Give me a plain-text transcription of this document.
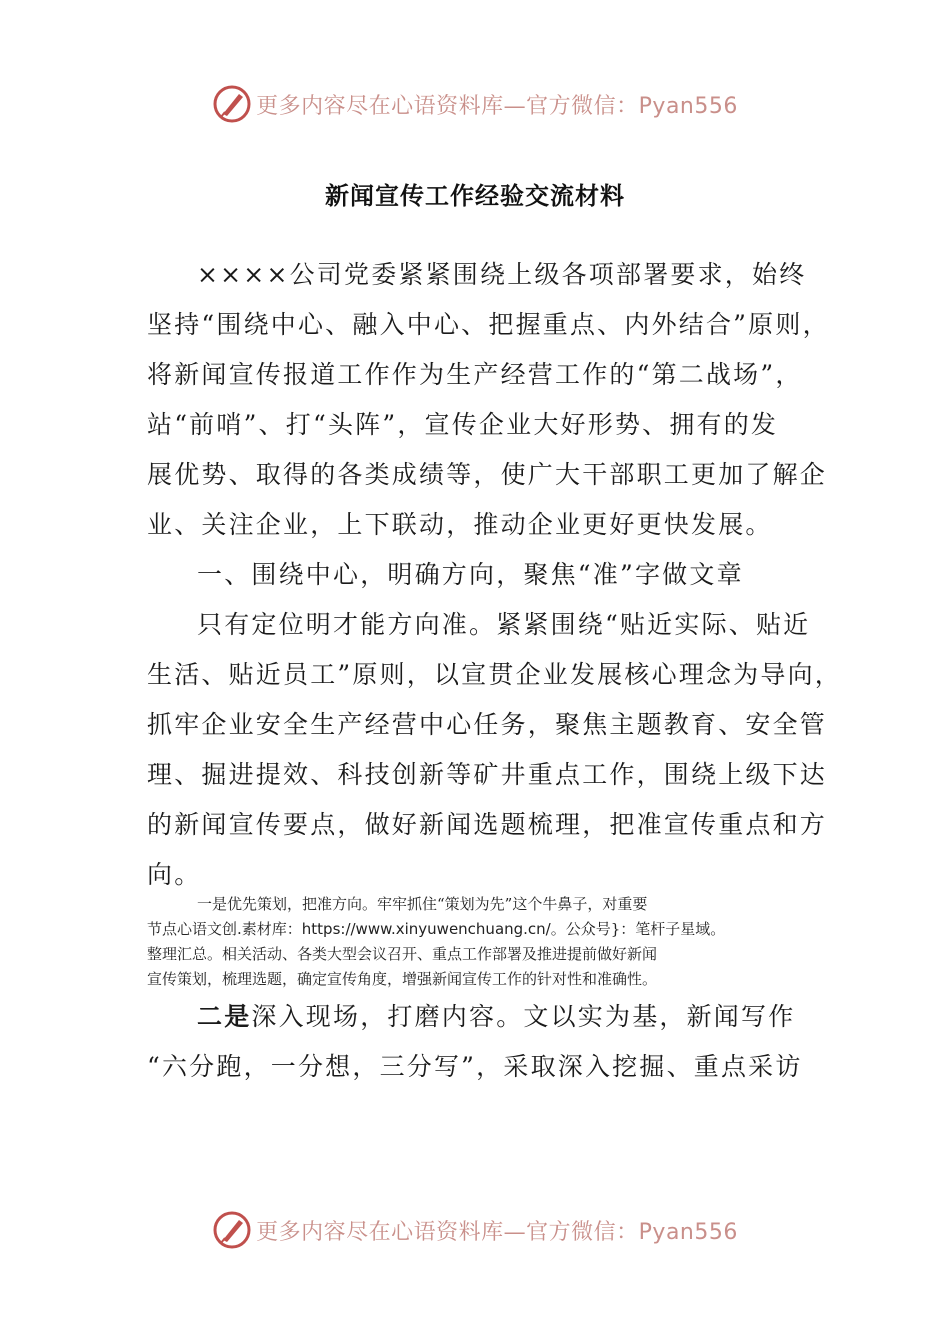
更多内容尽在心语资料库—官方微信：Pyan556
新闻宣传工作经验交流材料
××××公司党委紧紧围绕上级各项部署要求，始终
坚持“围绕中心、融入中心、把握重点、内外结合”原则，
将新闻宣传报道工作作为生产经营工作的“第二战场”，
站“前哨”、打“头阵”，宣传企业大好形势、拥有的发
展优势、取得的各类成绩等，使广大干部职工更加了解企
业、关注企业，上下联动，推动企业更好更快发展。
一、围绕中心，明确方向，聚焦“准”字做文章
只有定位明才能方向准。紧紧围绕“贴近实际、贴近
生活、贴近员工”原则，以宣贯企业发展核心理念为导向，
抓牢企业安全生产经营中心任务，聚焦主题教育、安全管
理、掘进提效、科技创新等矿井重点工作，围绕上级下达
的新闻宣传要点，做好新闻选题梳理，把准宣传重点和方
向。
一是优先策划，把准方向。牢牢抓住“策划为先”这个牛鼻子，对重要
节点心语文创.素材库：https://www.xinyuwenchuang.cn/。公众号}：笔杆子星域。
整理汇总。相关活动、各类大型会议召开、重点工作部署及推进提前做好新闻
宣传策划，梳理选题，确定宣传角度，增强新闻宣传工作的针对性和准确性。
二是深入现场，打磨内容。文以实为基，新闻写作
“六分跑，一分想，三分写”，采取深入挖掘、重点采访
更多内容尽在心语资料库—官方微信：Pyan556
